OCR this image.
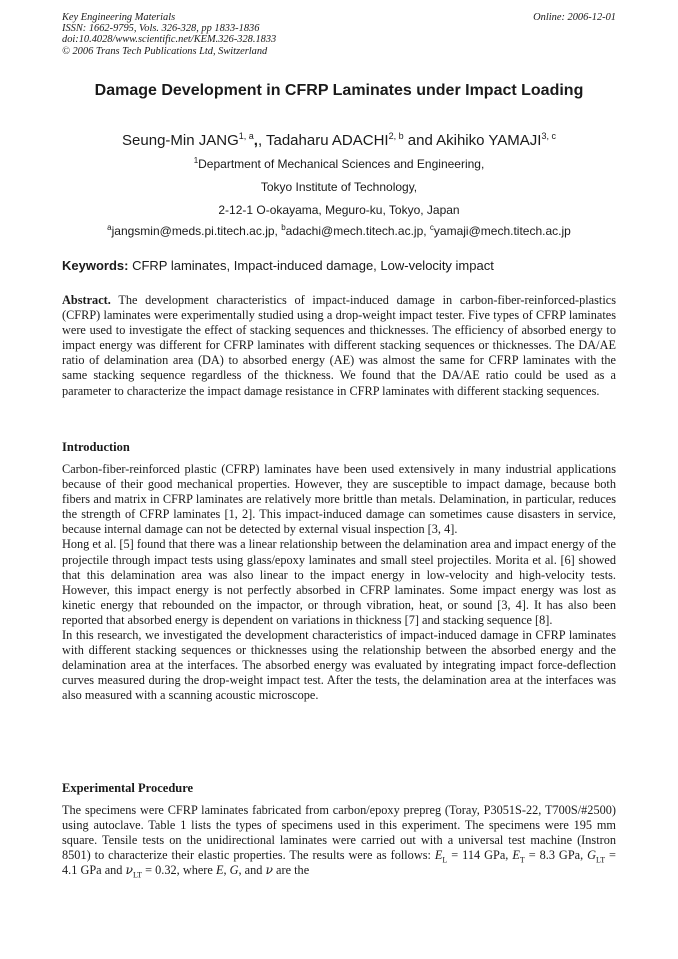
Key Engineering Materials
ISSN: 1662-9795, Vols. 326-328, pp 1833-1836
doi:10.4028/www.scientific.net/KEM.326-328.1833
© 2006 Trans Tech Publications Ltd, Switzerland
Online: 2006-12-01
Damage Development in CFRP Laminates under Impact Loading
Seung-Min JANG$^{1, a}$,, Tadaharu ADACHI$^{2, b}$ and Akihiko YAMAJI$^{3, c}$
$^1$Department of Mechanical Sciences and Engineering,
Tokyo Institute of Technology,
2-12-1 O-okayama, Meguro-ku, Tokyo, Japan
$^a$jangsmin@meds.pi.titech.ac.jp, $^b$adachi@mech.titech.ac.jp, $^c$yamaji@mech.titech.ac.jp
Keywords: CFRP laminates, Impact-induced damage, Low-velocity impact

Abstract. The development characteristics of impact-induced damage in carbon-fiber-reinforced-plastics (CFRP) laminates were experimentally studied using a drop-weight impact tester. Five types of CFRP laminates were used to investigate the effect of stacking sequences and thicknesses. The efficiency of absorbed energy to impact energy was different for CFRP laminates with different stacking sequences or thicknesses. The DA/AE ratio of delamination area (DA) to absorbed energy (AE) was almost the same for CFRP laminates with the same stacking sequence regardless of the thickness. We found that the DA/AE ratio could be used as a parameter to characterize the impact damage resistance in CFRP laminates with different stacking sequences.

Introduction

Carbon-fiber-reinforced plastic (CFRP) laminates have been used extensively in many industrial applications because of their good mechanical properties. However, they are susceptible to impact damage, because both fibers and matrix in CFRP laminates are relatively more brittle than metals. Delamination, in particular, reduces the strength of CFRP laminates [1, 2]. This impact-induced damage can sometimes cause disasters in service, because internal damage can not be detected by external visual inspection [3, 4].

Hong et al. [5] found that there was a linear relationship between the delamination area and impact energy of the projectile through impact tests using glass/epoxy laminates and small steel projectiles. Morita et al. [6] showed that this delamination area was also linear to the impact energy in low-velocity and high-velocity tests. However, this impact energy is not perfectly absorbed in CFRP laminates. Some impact energy was lost as kinetic energy that rebounded on the impactor, or through vibration, heat, or sound [3, 4]. It has also been reported that absorbed energy is dependent on variations in thickness [7] and stacking sequence [8].

In this research, we investigated the development characteristics of impact-induced damage in CFRP laminates with different stacking sequences or thicknesses using the relationship between the absorbed energy and the delamination area at the interfaces. The absorbed energy was evaluated by integrating impact force-deflection curves measured during the drop-weight impact test. After the tests, the delamination area at the interfaces was also measured with a scanning acoustic microscope.

Experimental Procedure

The specimens were CFRP laminates fabricated from carbon/epoxy prepreg (Toray, P3051S-22, T700S/#2500) using autoclave. Table 1 lists the types of specimens used in this experiment. The specimens were 195 mm square. Tensile tests on the unidirectional laminates were carried out with a universal test machine (Instron 8501) to characterize their elastic properties. The results were as follows: $E_L = 114$ GPa, $E_T = 8.3$ GPa, $G_{LT} = 4.1$ GPa and $\nu_{LT} = 0.32$, where E, G, and ν are the
